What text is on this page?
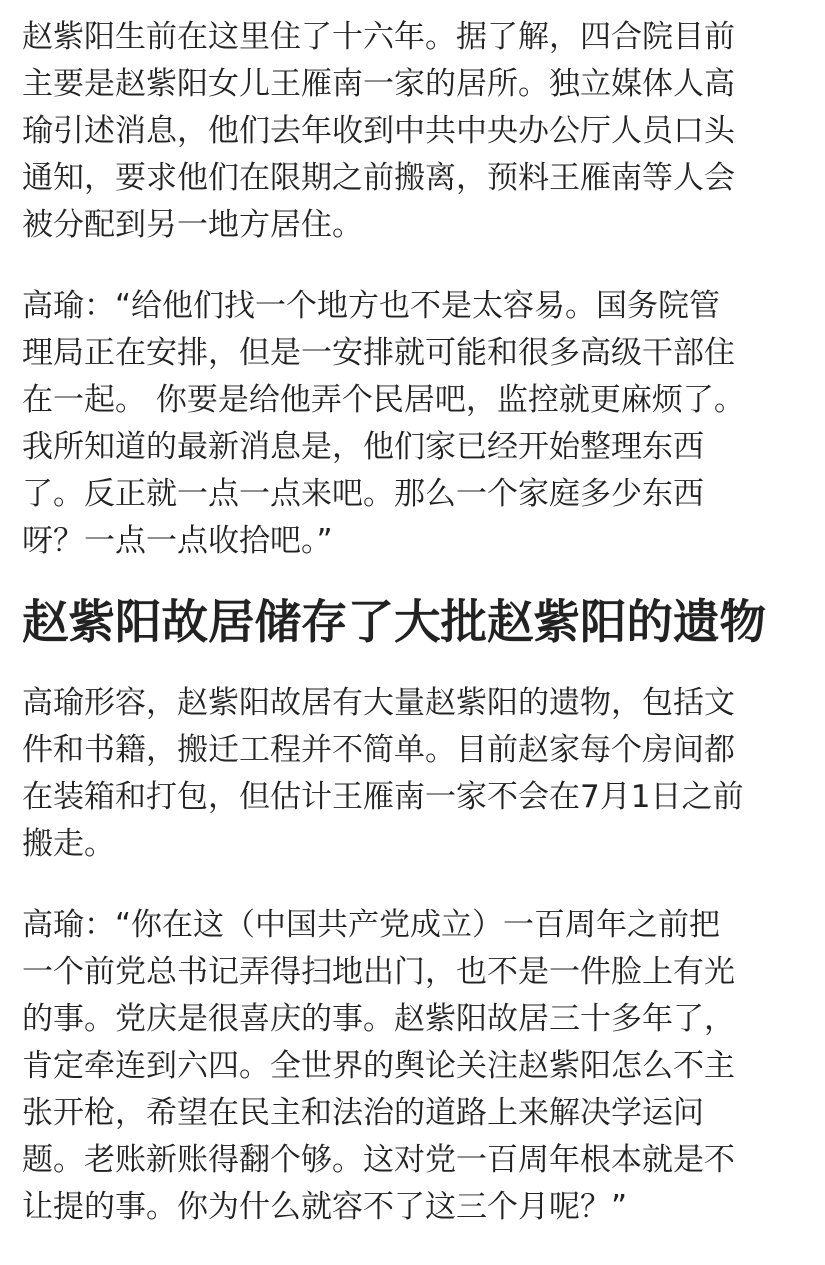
赵紫阳生前在这里住了十六年。据了解，四合院目前
主要是赵紫阳女儿王雁南一家的居所。独立媒体人高
瑜引述消息，他们去年收到中共中央办公厅人员口头
通知，要求他们在限期之前搬离，预料王雁南等人会
被分配到另一地方居住。

高瑜：“给他们找一个地方也不是太容易。国务院管
理局正在安排，但是一安排就可能和很多高级干部住
在一起。 你要是给他弄个民居吧，监控就更麻烦了。
我所知道的最新消息是，他们家已经开始整理东西
了。反正就一点一点来吧。那么一个家庭多少东西
呀？一点一点收拾吧。”

赵紫阳故居储存了大批赵紫阳的遗物

高瑜形容，赵紫阳故居有大量赵紫阳的遗物，包括文
件和书籍，搬迁工程并不简单。目前赵家每个房间都
在装箱和打包，但估计王雁南一家不会在7月1日之前
搬走。

高瑜：“你在这（中国共产党成立）一百周年之前把
一个前党总书记弄得扫地出门，也不是一件脸上有光
的事。党庆是很喜庆的事。赵紫阳故居三十多年了，
肯定牵连到六四。全世界的舆论关注赵紫阳怎么不主
张开枪，希望在民主和法治的道路上来解决学运问
题。老账新账得翻个够。这对党一百周年根本就是不
让提的事。你为什么就容不了这三个月呢？”
